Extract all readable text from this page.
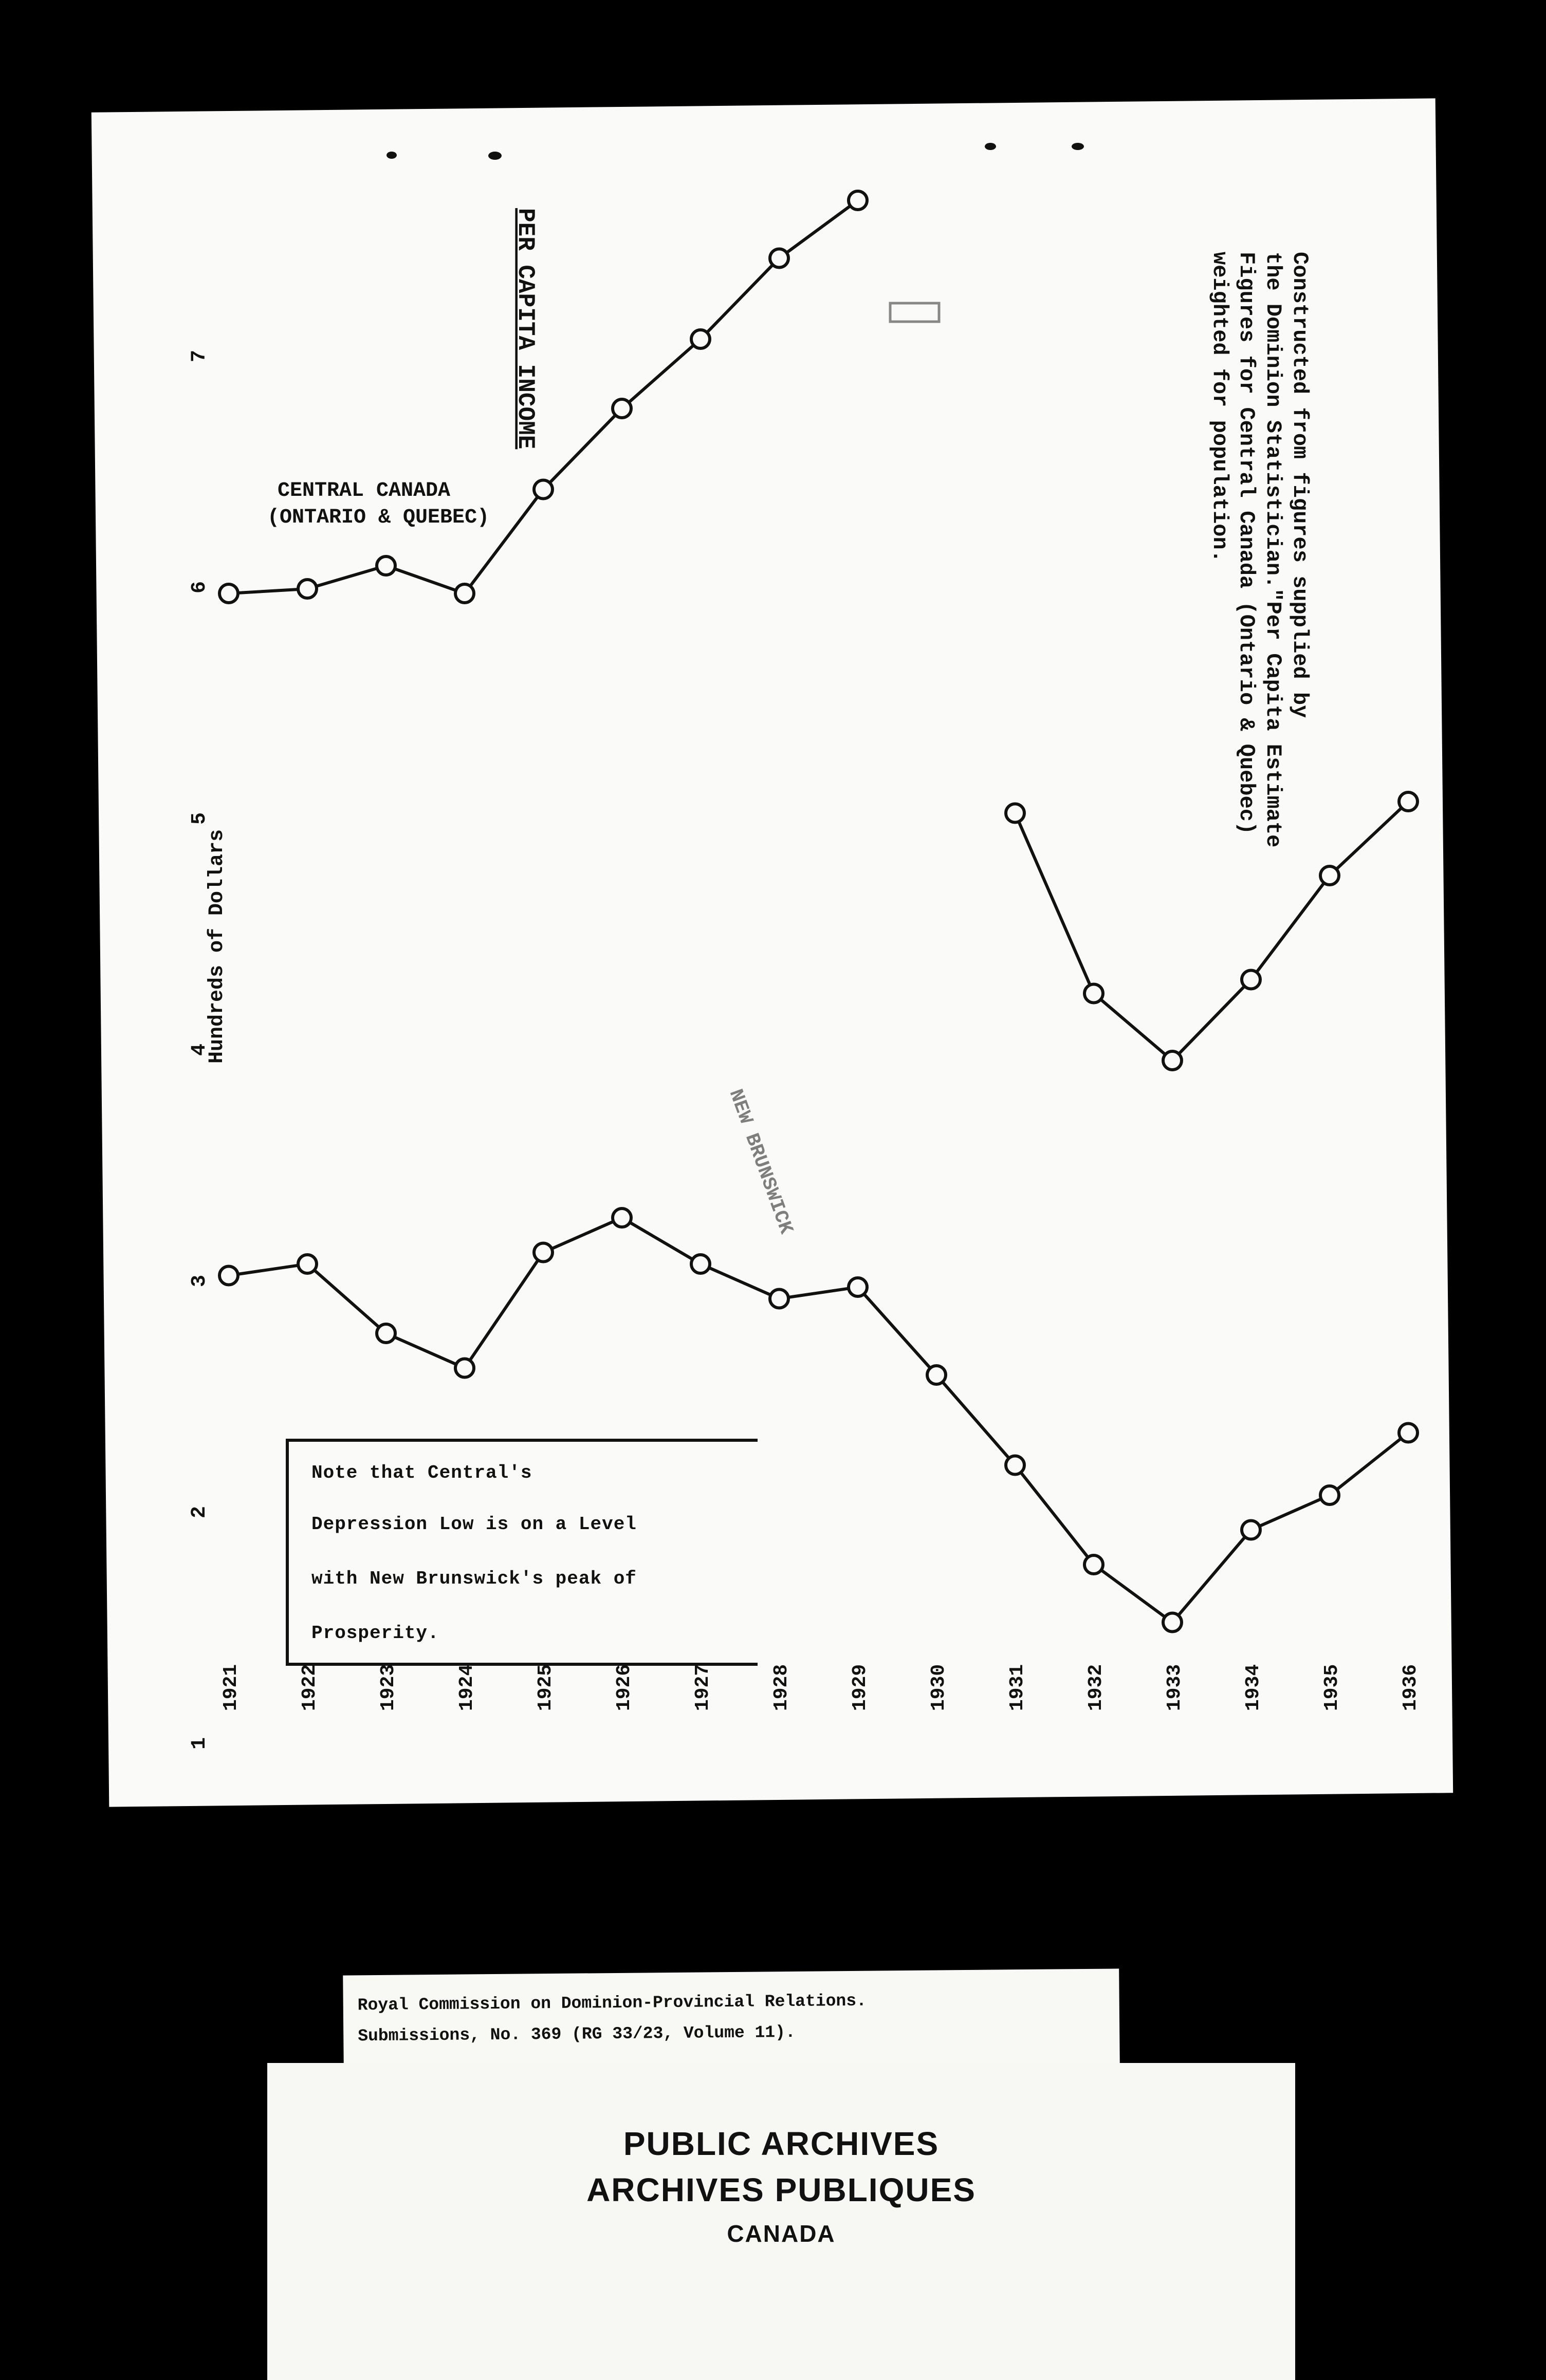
1
2
3
4
5
6
7
1921	1922	1923	1924	1925	1926	1927	1928	1929	1930	1931	1932	1933	1934	1935	1936
PER CAPITA INCOME
Hundreds of Dollars
Constructed from figures supplied by
the Dominion Statistician."Per Capita Estimate
Figures for Central Canada (Ontario & Quebec)
weighted for population.
CENTRAL CANADA
(ONTARIO & QUEBEC)
NEW BRUNSWICK
Note that Central's
Depression Low is on a Level
with New Brunswick's peak of
Prosperity.
Royal Commission on Dominion-Provincial Relations.
Submissions, No. 369 (RG 33/23, Volume 11).
PUBLIC ARCHIVES
ARCHIVES PUBLIQUES
CANADA
